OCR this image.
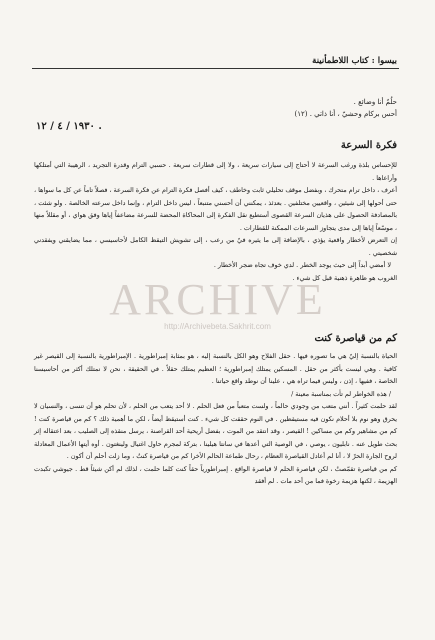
بيسوا : كتاب اللاطمأنينة
حلُمٌ أنا وضائع .
أحس بركام وحشيّ ، أنا ذاتي . (١٢)
١٩٣٠ / ٤ / ١٢ .
فكرة السرعة

للإحساس بلذة ورغب السرعة لا أحتاج إلى سيارات سريعة ، ولا إلى قطارات سريعة . حسبي الترام وقدرة التجريد ، الرهيبة التي أمتلكها وأراعاها .

أعرف ، داخل ترام متحرك ، وبفضل موقف تحليلي ثابت وخاطف ، كيف أفصل فكرة الترام عن فكرة السرعة ، فصلاً تاماً عن كل ما سواها ، حتى أحولها إلى شيئين ، واقعيين مختلفين . بعدئذ ، يمكنني أن أحسني متنبعاً ، ليس داخل الترام ، وإنما داخل سرعته الخالصة . ولو شئت ، بالمصادفة الحصول على هذيان السرعة القصوى أستطيع نقل الفكرة إلى المحاكاة المحضة للسرعة مضاعفاً إياها وفق هواي ، أو مقللاً منها ، موسّعاً إياها إلى مدى يتجاوز السرعات الممكنة للقطارات .

إن التعرض لأخطار واقعية يؤذي ، بالإضافة إلى ما يثيره فيّ من رعب ، إلى تشويش التيقظ الكامل لأحاسيسي ، مما يضايقني ويفقدني شخصيتي .

لا أمضي أبداً إلى حيث يوجد الخطر . لدي خوف تجاه ضجر الأخطار .

الغروب هو ظاهرة ذهنية قبل كل شيء .

ARCHIVE
http://Archivebeta.Sakhrit.com
كم من قياصرة كنت

الحياة بالنسبة إليّ هي ما تصوره فيها . حقل الفلاح وهو الكل بالنسبة إليه ، هو بمثابة إمبراطورية . الإمبراطورية بالنسبة إلى القيصر غير كافية . وهي ليست بأكثر من حقل . المسكين يمتلك إمبراطورية ؛ العظيم يمتلك حقلاً . في الحقيقة ، نحن لا نمتلك أكثر من أحاسيسنا الخاصة ، ففيها ، إذن ، وليس فيما تراه هي ، علينا أن نوطد واقع حياتنا .

/ هذه الخواطر لم تأت بمناسبة معينة /

لقد حلمت كثيراً . أنني متعب من وجودي حالماً ، ولست متعباً من فعل الحلم . لا أحد يتعب من الحلم ، لأن تحلم هو أن تنسى ، والنسيان لا يحرق وهو نوم بلا أحلام نكون فيه مستيقظين . في النوم حققت كل شيء . كنت أستيقظ أيضاً ، لكن ما أهمية ذلك ؟ كم من قياصرة كنت ! كم من مشاهير وكم من مساكين ! القيصر ، وقد انتقد من الموت ، بفضل أريحية أحد القراصنة ، يرسل منقذه إلى الصليب ، بعد اعتقاله إثر بحث طويل عنه . نابليون ، يوصي ، في الوصية التي أعدها في سانتا هيلينا ، بتركة لمجرم حاول اغتيال ولينغتون . أوه أيتها الأعمال المعادلة لروح الجارة الحرّ لا ، أنا لم أعادل القياصرة العظام ، رحال طماعة الحالم الأخرا كم من قياصرة كنتُ ، وما زلت أحلم أن أكون .

كم من قياصرة تقمّصتُ ، لكن قياصرة الحلم لا قياصرة الواقع . إمبراطورياً حقاً كنت كلما حلمت ، لذلك لم أكن شيئاً قط . جيوشي تكبدت الهزيمة ، لكنها هزيمة رخوة فما من أحد مات . لم أفقد
